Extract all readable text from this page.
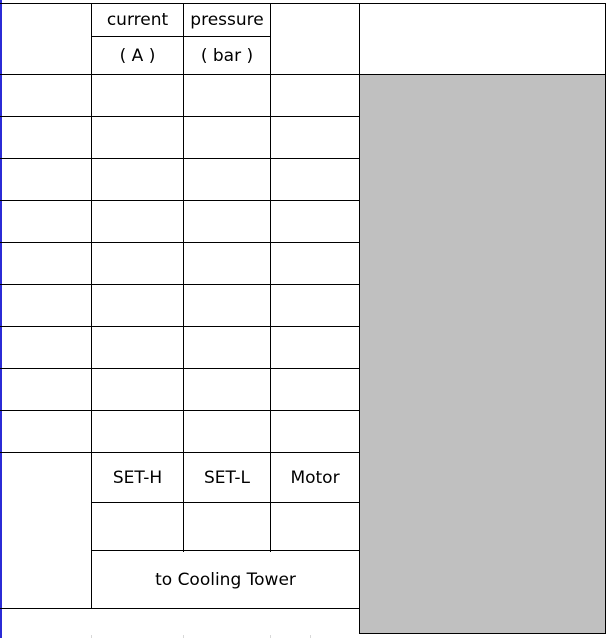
current
( A )
pressure
( bar )
SET-H	SET-L	Motor
to Cooling Tower
